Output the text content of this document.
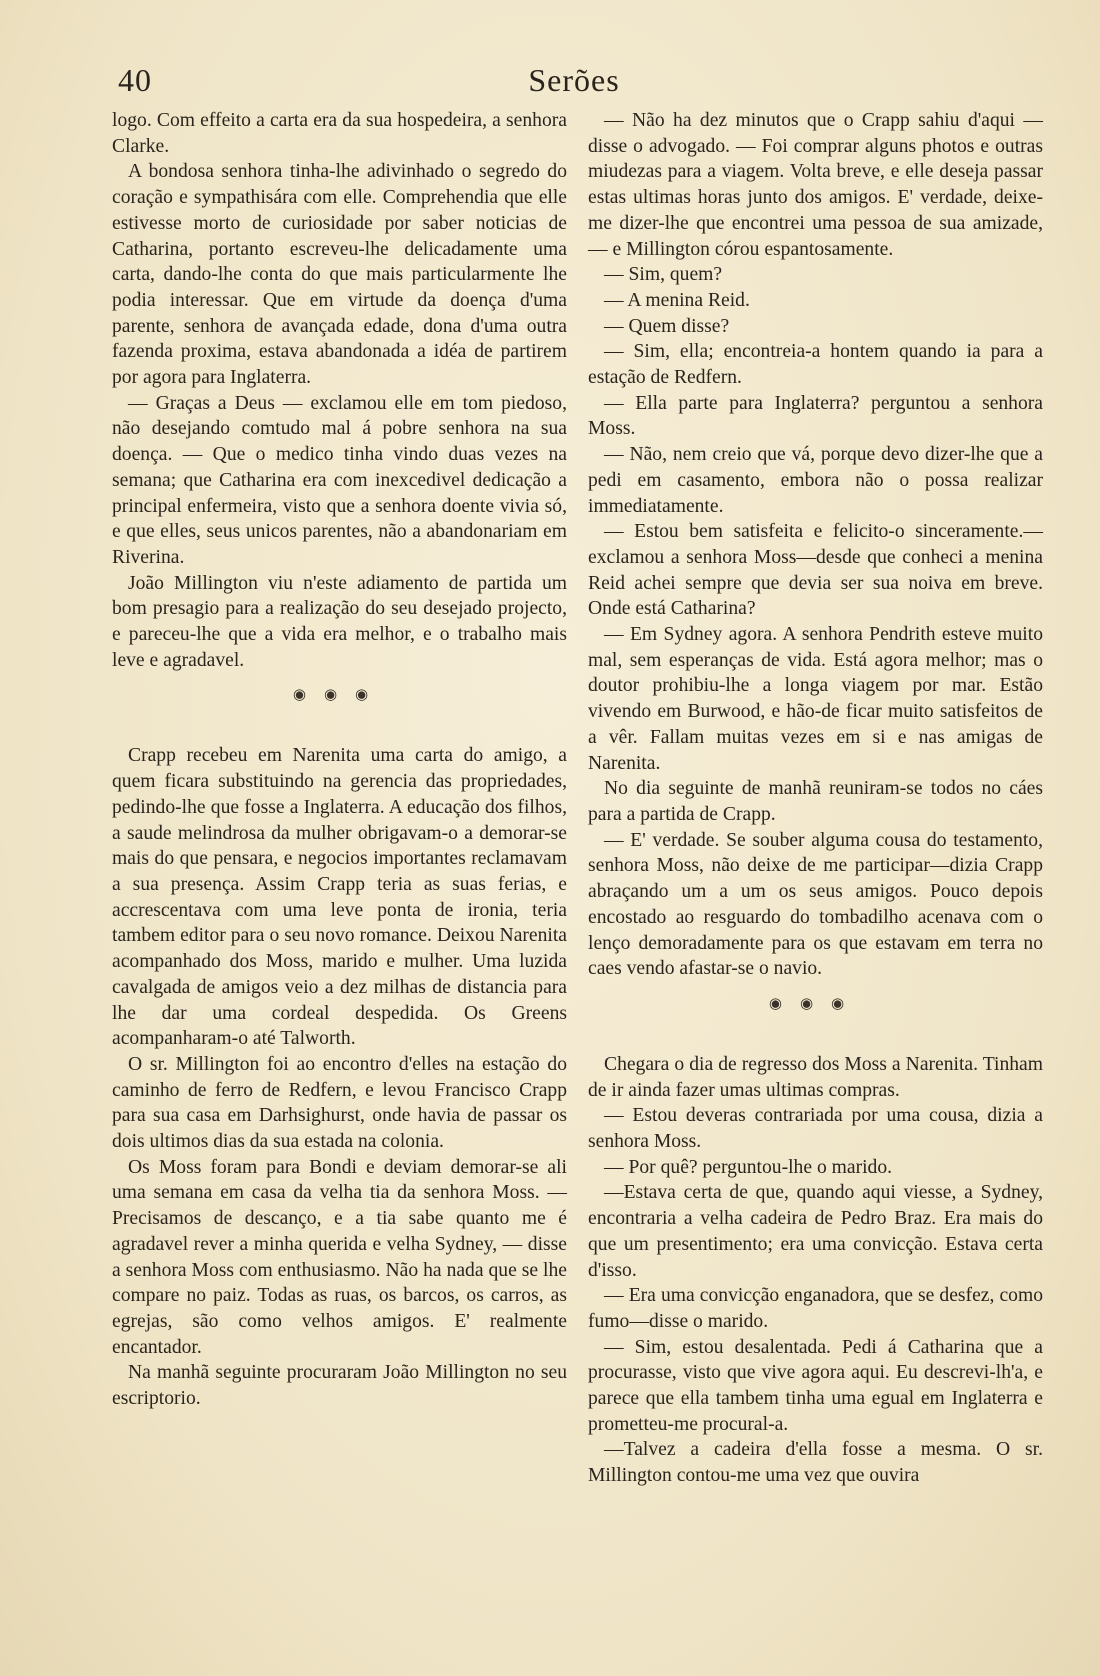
40	Serões

logo. Com effeito a carta era da sua hospedeira, a senhora Clarke.

A bondosa senhora tinha-lhe adivinhado o segredo do coração e sympathisára com elle. Comprehendia que elle estivesse morto de curiosidade por saber noticias de Catharina, portanto escreveu-lhe delicadamente uma carta, dando-lhe conta do que mais particularmente lhe podia interessar. Que em virtude da doença d'uma parente, senhora de avançada edade, dona d'uma outra fazenda proxima, estava abandonada a idéa de partirem por agora para Inglaterra.

— Graças a Deus — exclamou elle em tom piedoso, não desejando comtudo mal á pobre senhora na sua doença. — Que o medico tinha vindo duas vezes na semana; que Catharina era com inexcedivel dedicação a principal enfermeira, visto que a senhora doente vivia só, e que elles, seus unicos parentes, não a abandonariam em Riverina.

João Millington viu n'este adiamento de partida um bom presagio para a realização do seu desejado projecto, e pareceu-lhe que a vida era melhor, e o trabalho mais leve e agradavel.

◉◉◉

Crapp recebeu em Narenita uma carta do amigo, a quem ficara substituindo na gerencia das propriedades, pedindo-lhe que fosse a Inglaterra. A educação dos filhos, a saude melindrosa da mulher obrigavam-o a demorar-se mais do que pensara, e negocios importantes reclamavam a sua presença. Assim Crapp teria as suas ferias, e accrescentava com uma leve ponta de ironia, teria tambem editor para o seu novo romance. Deixou Narenita acompanhado dos Moss, marido e mulher. Uma luzida cavalgada de amigos veio a dez milhas de distancia para lhe dar uma cordeal despedida. Os Greens acompanharam-o até Talworth.

O sr. Millington foi ao encontro d'elles na estação do caminho de ferro de Redfern, e levou Francisco Crapp para sua casa em Darhsighurst, onde havia de passar os dois ultimos dias da sua estada na colonia.

Os Moss foram para Bondi e deviam demorar-se ali uma semana em casa da velha tia da senhora Moss. — Precisamos de descanço, e a tia sabe quanto me é agradavel rever a minha querida e velha Sydney, — disse a senhora Moss com enthusiasmo. Não ha nada que se lhe compare no paiz. Todas as ruas, os barcos, os carros, as egrejas, são como velhos amigos. E' realmente encantador.

Na manhã seguinte procuraram João Millington no seu escriptorio.

— Não ha dez minutos que o Crapp sahiu d'aqui — disse o advogado. — Foi comprar alguns photos e outras miudezas para a viagem. Volta breve, e elle deseja passar estas ultimas horas junto dos amigos. E' verdade, deixe-me dizer-lhe que encontrei uma pessoa de sua amizade, — e Millington córou espantosamente.

— Sim, quem?

— A menina Reid.

— Quem disse?

— Sim, ella; encontreia-a hontem quando ia para a estação de Redfern.

— Ella parte para Inglaterra? perguntou a senhora Moss.

— Não, nem creio que vá, porque devo dizer-lhe que a pedi em casamento, embora não o possa realizar immediatamente.

— Estou bem satisfeita e felicito-o sinceramente.—exclamou a senhora Moss—desde que conheci a menina Reid achei sempre que devia ser sua noiva em breve. Onde está Catharina?

— Em Sydney agora. A senhora Pendrith esteve muito mal, sem esperanças de vida. Está agora melhor; mas o doutor prohibiu-lhe a longa viagem por mar. Estão vivendo em Burwood, e hão-de ficar muito satisfeitos de a vêr. Fallam muitas vezes em si e nas amigas de Narenita.

No dia seguinte de manhã reuniram-se todos no cáes para a partida de Crapp.

— E' verdade. Se souber alguma cousa do testamento, senhora Moss, não deixe de me participar—dizia Crapp abraçando um a um os seus amigos. Pouco depois encostado ao resguardo do tombadilho acenava com o lenço demoradamente para os que estavam em terra no caes vendo afastar-se o navio.

◉◉◉

Chegara o dia de regresso dos Moss a Narenita. Tinham de ir ainda fazer umas ultimas compras.

— Estou deveras contrariada por uma cousa, dizia a senhora Moss.

— Por quê? perguntou-lhe o marido.

—Estava certa de que, quando aqui viesse, a Sydney, encontraria a velha cadeira de Pedro Braz. Era mais do que um presentimento; era uma convicção. Estava certa d'isso.

— Era uma convicção enganadora, que se desfez, como fumo—disse o marido.

— Sim, estou desalentada. Pedi á Catharina que a procurasse, visto que vive agora aqui. Eu descrevi-lh'a, e parece que ella tambem tinha uma egual em Inglaterra e prometteu-me procural-a.

—Talvez a cadeira d'ella fosse a mesma. O sr. Millington contou-me uma vez que ouvira
